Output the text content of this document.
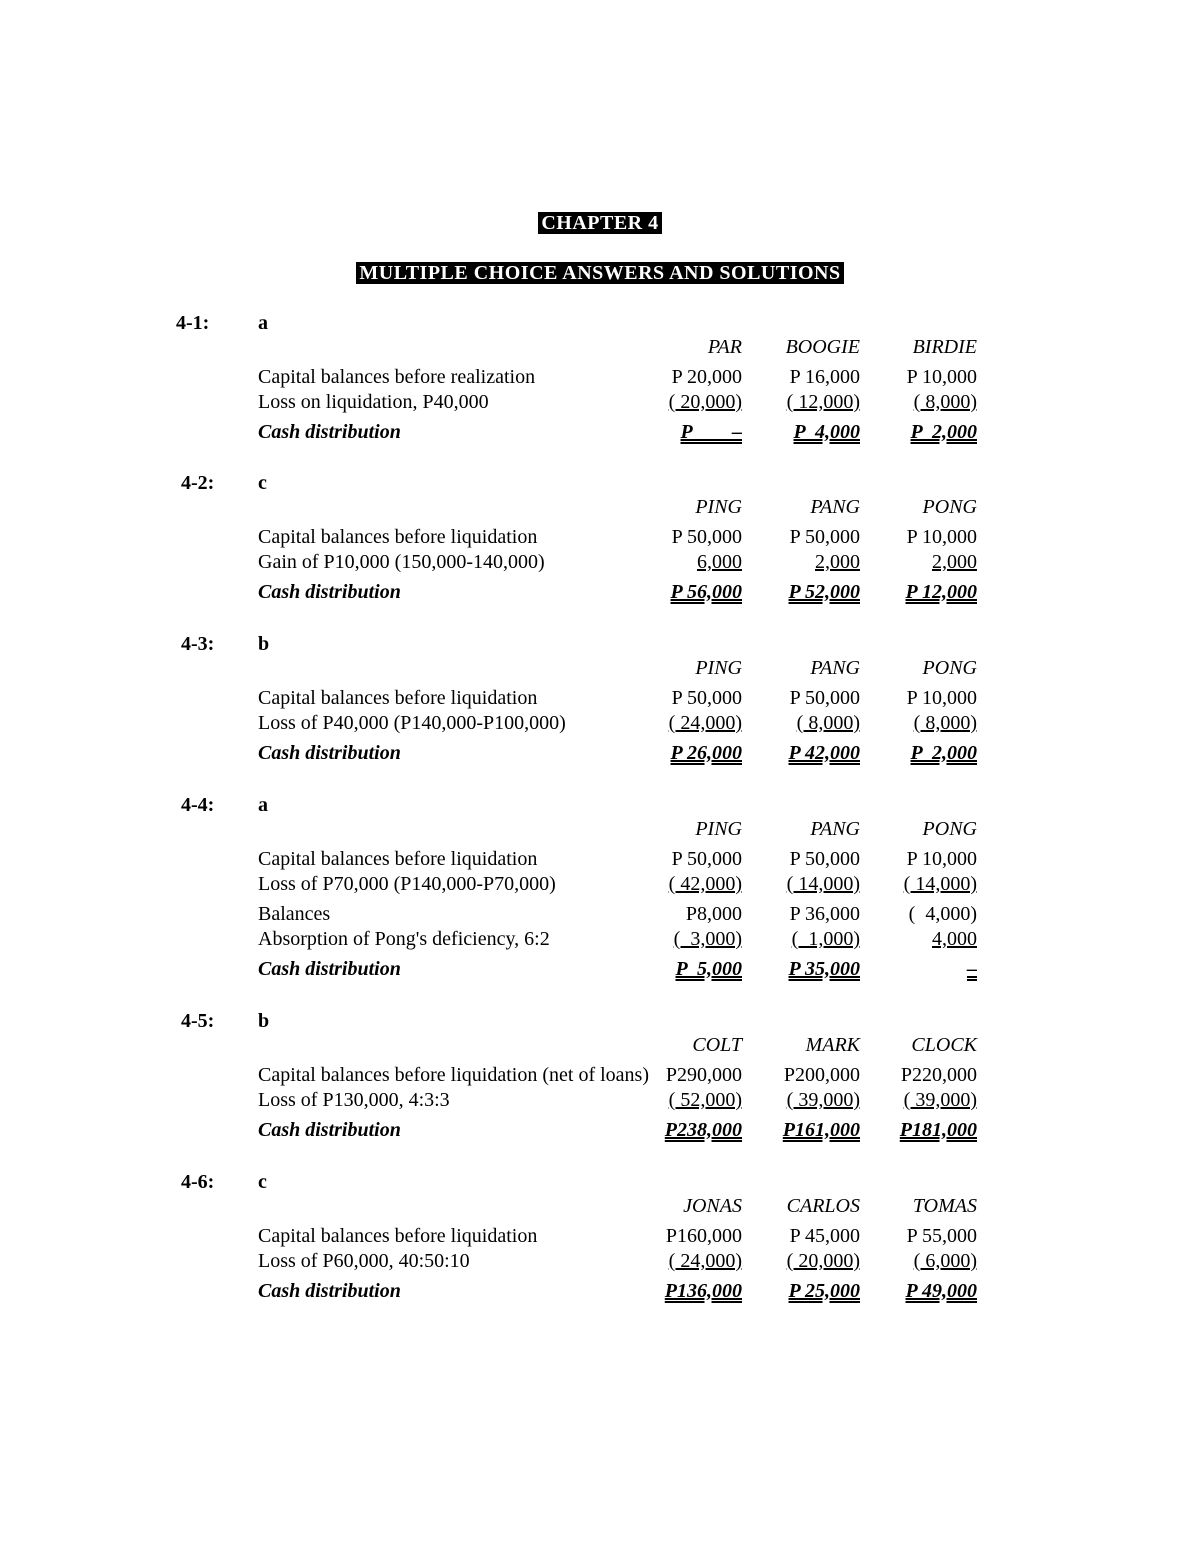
CHAPTER 4
MULTIPLE CHOICE ANSWERS AND SOLUTIONS
4-1: a
PAR	BOOGIE	BIRDIE
Capital balances before realization	P 20,000	P 16,000	P 10,000
Loss on liquidation, P40,000	( 20,000)	( 12,000)	( 8,000)
Cash distribution	P        –	P  4,000	P  2,000
4-2: c
PING	PANG	PONG
Capital balances before liquidation	P 50,000	P 50,000	P 10,000
Gain of P10,000 (150,000-140,000)	6,000	2,000	2,000
Cash distribution	P 56,000	P 52,000	P 12,000
4-3: b
PING	PANG	PONG
Capital balances before liquidation	P 50,000	P 50,000	P 10,000
Loss of P40,000 (P140,000-P100,000)	( 24,000)	( 8,000)	( 8,000)
Cash distribution	P 26,000	P 42,000	P  2,000
4-4: a
PING	PANG	PONG
Capital balances before liquidation	P 50,000	P 50,000	P 10,000
Loss of P70,000 (P140,000-P70,000)	( 42,000)	( 14,000)	( 14,000)
Balances	P8,000	P 36,000	(  4,000)
Absorption of Pong's deficiency, 6:2	(  3,000)	(  1,000)	4,000
Cash distribution	P  5,000	P 35,000	–
4-5: b
COLT	MARK	CLOCK
Capital balances before liquidation (net of loans) P290,000	P200,000	P220,000
Loss of P130,000, 4:3:3	( 52,000)	( 39,000)	( 39,000)
Cash distribution	P238,000	P161,000	P181,000
4-6: c
JONAS	CARLOS	TOMAS
Capital balances before liquidation	P160,000	P 45,000	P 55,000
Loss of P60,000, 40:50:10	( 24,000)	( 20,000)	( 6,000)
Cash distribution	P136,000	P 25,000	P 49,000
